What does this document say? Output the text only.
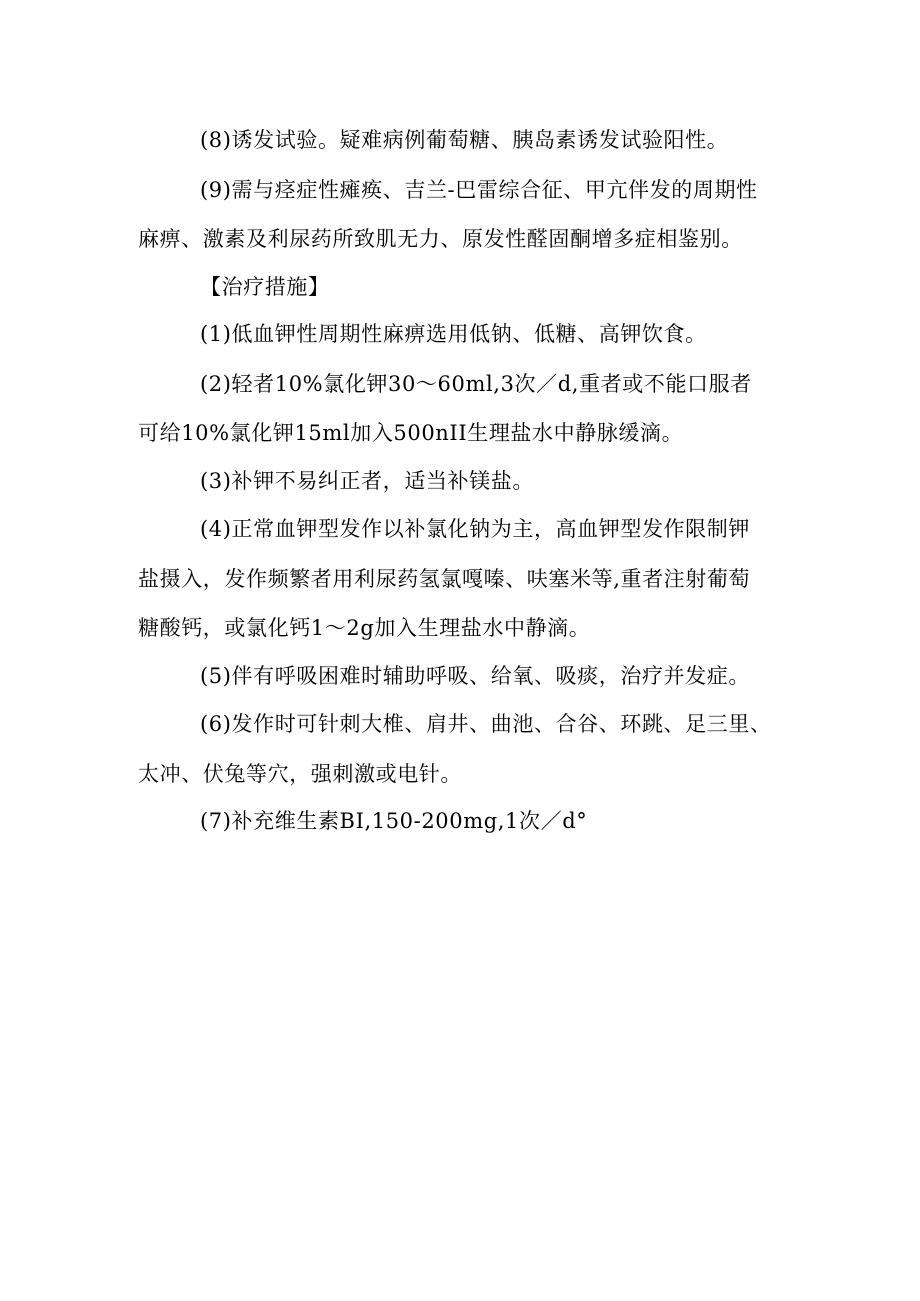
(8)诱发试验。疑难病例葡萄糖、胰岛素诱发试验阳性。
(9)需与痉症性瘫痪、吉兰-巴雷综合征、甲亢伴发的周期性
麻痹、激素及利尿药所致肌无力、原发性醛固酮增多症相鉴别。
【治疗措施】
(1)低血钾性周期性麻痹选用低钠、低糖、高钾饮食。
(2)轻者10%氯化钾30～60ml,3次／d,重者或不能口服者
可给10%氯化钾15ml加入500nII生理盐水中静脉缓滴。
(3)补钾不易纠正者，适当补镁盐。
(4)正常血钾型发作以补氯化钠为主，高血钾型发作限制钾
盐摄入，发作频繁者用利尿药氢氯嘎嗪、呋塞米等,重者注射葡萄
糖酸钙，或氯化钙1～2g加入生理盐水中静滴。
(5)伴有呼吸困难时辅助呼吸、给氧、吸痰，治疗并发症。
(6)发作时可针刺大椎、肩井、曲池、合谷、环跳、足三里、
太冲、伏兔等穴，强刺激或电针。
(7)补充维生素BI,150-200mg,1次／d°
